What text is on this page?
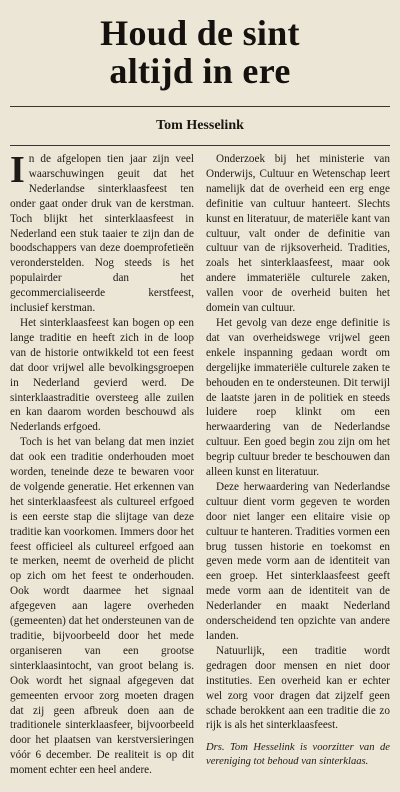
Houd de sint
altijd in ere
Tom Hesselink

In de afgelopen tien jaar zijn veel waarschuwingen geuit dat het Nederlandse sinterklaasfeest ten onder gaat onder druk van de kerstman. Toch blijkt het sinterklaasfeest in Nederland een stuk taaier te zijn dan de boodschappers van deze doemprofetieën veronderstelden. Nog steeds is het populairder dan het gecommercialiseerde kerstfeest, inclusief kerstman.

Het sinterklaasfeest kan bogen op een lange traditie en heeft zich in de loop van de historie ontwikkeld tot een feest dat door vrijwel alle bevolkingsgroepen in Nederland gevierd werd. De sinterklaastraditie oversteeg alle zuilen en kan daarom worden beschouwd als Nederlands erfgoed.

Toch is het van belang dat men inziet dat ook een traditie onderhouden moet worden, teneinde deze te bewaren voor de volgende generatie. Het erkennen van het sinterklaasfeest als cultureel erfgoed is een eerste stap die slijtage van deze traditie kan voorkomen. Immers door het feest officieel als cultureel erfgoed aan te merken, neemt de overheid de plicht op zich om het feest te onderhouden. Ook wordt daarmee het signaal afgegeven aan lagere overheden (gemeenten) dat het ondersteunen van de traditie, bijvoorbeeld door het mede organiseren van een grootse sinterklaasintocht, van groot belang is. Ook wordt het signaal afgegeven dat gemeenten ervoor zorg moeten dragen dat zij geen afbreuk doen aan de traditionele sinterklaasfeer, bijvoorbeeld door het plaatsen van kerstversieringen vóór 6 december. De realiteit is op dit moment echter een heel andere.

Onderzoek bij het ministerie van Onderwijs, Cultuur en Wetenschap leert namelijk dat de overheid een erg enge definitie van cultuur hanteert. Slechts kunst en literatuur, de materiële kant van cultuur, valt onder de definitie van cultuur van de rijksoverheid. Tradities, zoals het sinterklaasfeest, maar ook andere immateriële culturele zaken, vallen voor de overheid buiten het domein van cultuur.

Het gevolg van deze enge definitie is dat van overheidswege vrijwel geen enkele inspanning gedaan wordt om dergelijke immateriële culturele zaken te behouden en te ondersteunen. Dit terwijl de laatste jaren in de politiek en steeds luidere roep klinkt om een herwaardering van de Nederlandse cultuur. Een goed begin zou zijn om het begrip cultuur breder te beschouwen dan alleen kunst en literatuur.

Deze herwaardering van Nederlandse cultuur dient vorm gegeven te worden door niet langer een elitaire visie op cultuur te hanteren. Tradities vormen een brug tussen historie en toekomst en geven mede vorm aan de identiteit van een groep. Het sinterklaasfeest geeft mede vorm aan de identiteit van de Nederlander en maakt Nederland onderscheidend ten opzichte van andere landen.

Natuurlijk, een traditie wordt gedragen door mensen en niet door instituties. Een overheid kan er echter wel zorg voor dragen dat zijzelf geen schade berokkent aan een traditie die zo rijk is als het sinterklaasfeest.

Drs. Tom Hesselink is voorzitter van de vereniging tot behoud van sinterklaas.
